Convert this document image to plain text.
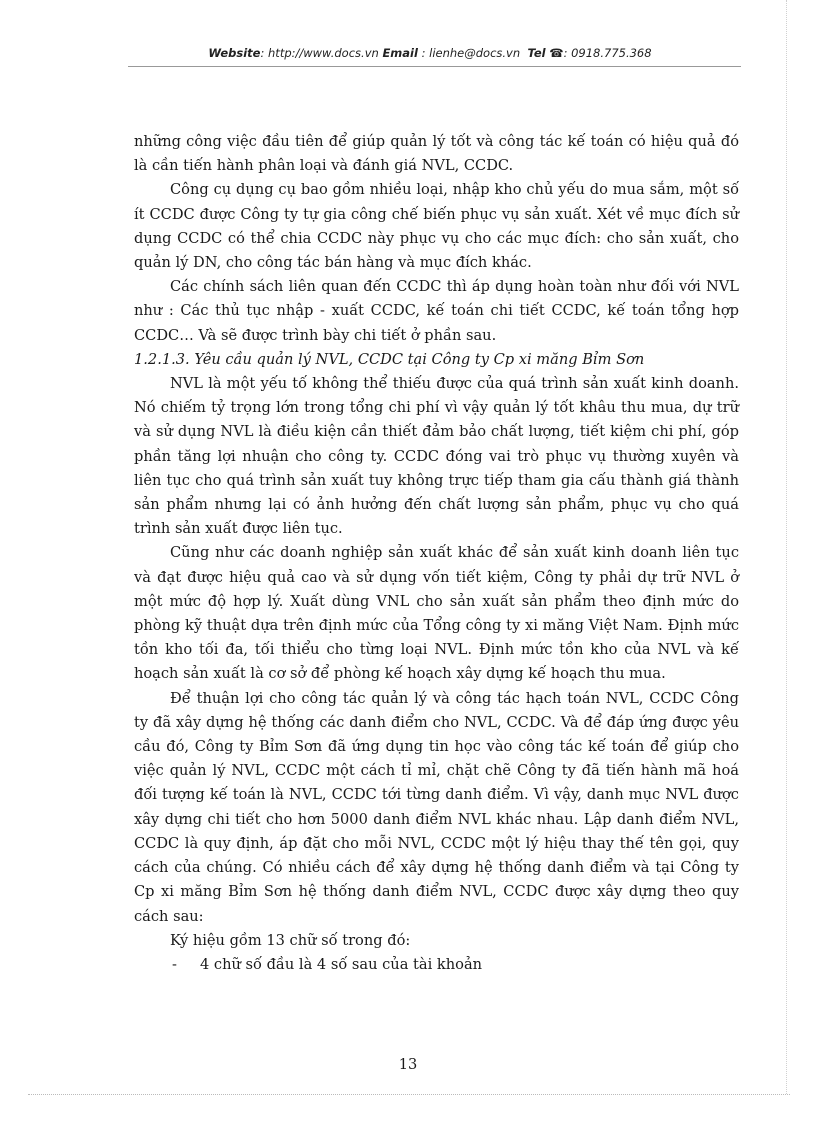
Website: http://www.docs.vn Email : lienhe@docs.vn Tel ☎: 0918.775.368

những công việc đầu tiên để giúp quản lý tốt và công tác kế toán có hiệu quả đó là cần tiến hành phân loại và đánh giá NVL, CCDC.

Công cụ dụng cụ bao gồm nhiều loại, nhập kho chủ yếu do mua sắm, một số ít CCDC được Công ty tự gia công chế biến phục vụ sản xuất. Xét về mục đích sử dụng CCDC có thể chia CCDC này phục vụ cho các mục đích: cho sản xuất, cho quản lý DN, cho công tác bán hàng và mục đích khác.

Các chính sách liên quan đến CCDC thì áp dụng hoàn toàn như đối với NVL như : Các thủ tục nhập - xuất CCDC, kế toán chi tiết CCDC, kế toán tổng hợp CCDC… Và sẽ được trình bày chi tiết ở phần sau.

1.2.1.3. Yêu cầu quản lý NVL, CCDC tại Công ty Cp xi măng Bỉm Sơn

NVL là một yếu tố không thể thiếu được của quá trình sản xuất kinh doanh. Nó chiếm tỷ trọng lớn trong tổng chi phí vì vậy quản lý tốt khâu thu mua, dự trữ và sử dụng NVL là điều kiện cần thiết đảm bảo chất lượng, tiết kiệm chi phí, góp phần tăng lợi nhuận cho công ty. CCDC đóng vai trò phục vụ thường xuyên và liên tục cho quá trình sản xuất tuy không trực tiếp tham gia cấu thành giá thành sản phẩm nhưng lại có ảnh hưởng đến chất lượng sản phẩm, phục vụ cho quá trình sản xuất được liên tục.

Cũng như các doanh nghiệp sản xuất khác để sản xuất kinh doanh liên tục và đạt được hiệu quả cao và sử dụng vốn tiết kiệm, Công ty phải dự trữ NVL ở một mức độ hợp lý. Xuất dùng VNL cho sản xuất sản phẩm theo định mức do phòng kỹ thuật dựa trên định mức của Tổng công ty xi măng Việt Nam. Định mức tồn kho tối đa, tối thiểu cho từng loại NVL. Định mức tồn kho của NVL và kế hoạch sản xuất là cơ sở để phòng kế hoạch xây dựng kế hoạch thu mua.

Để thuận lợi cho công tác quản lý và công tác hạch toán NVL, CCDC Công ty đã xây dựng hệ thống các danh điểm cho NVL, CCDC. Và để đáp ứng được yêu cầu đó, Công ty Bỉm Sơn đã ứng dụng tin học vào công tác kế toán để giúp cho việc quản lý NVL, CCDC một cách tỉ mỉ, chặt chẽ Công ty đã tiến hành mã hoá đối tượng kế toán là NVL, CCDC tới từng danh điểm. Vì vậy, danh mục NVL được xây dựng chi tiết cho hơn 5000 danh điểm NVL khác nhau. Lập danh điểm NVL, CCDC là quy định, áp đặt cho mỗi NVL, CCDC một lý hiệu thay thế tên gọi, quy cách của chúng. Có nhiều cách để xây dựng hệ thống danh điểm và tại Công ty Cp xi măng Bỉm Sơn hệ thống danh điểm NVL, CCDC được xây dựng theo quy cách sau:

Ký hiệu gồm 13 chữ số trong đó:

- 4 chữ số đầu là 4 số sau của tài khoản

13
